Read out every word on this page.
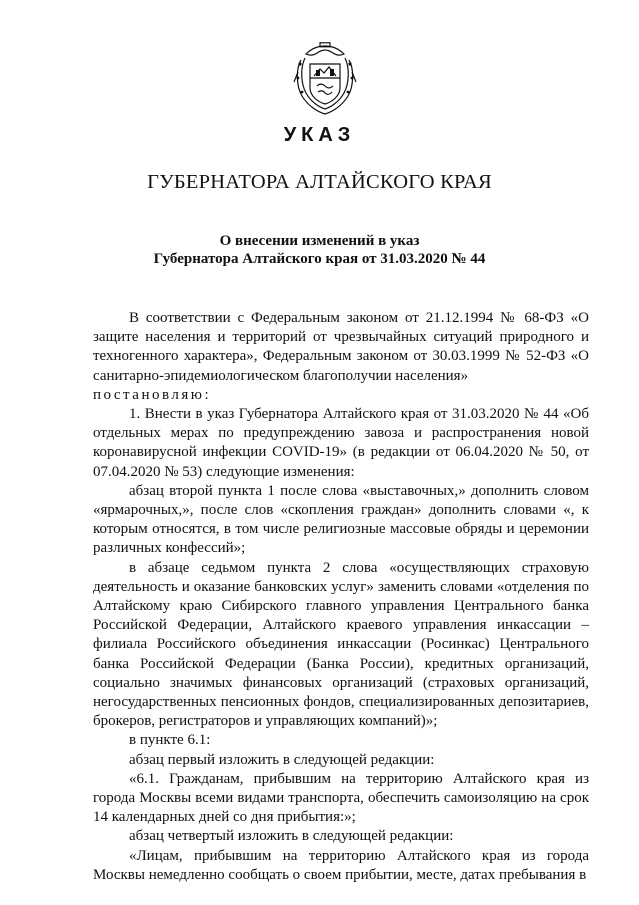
УКАЗ
ГУБЕРНАТОРА АЛТАЙСКОГО КРАЯ
О внесении изменений в указ
Губернатора Алтайского края от 31.03.2020 № 44

В соответствии с Федеральным законом от 21.12.1994 № 68-ФЗ «О защите населения и территорий от чрезвычайных ситуаций природного и техногенного характера», Федеральным законом от 30.03.1999 № 52-ФЗ «О санитарно-эпидемиологическом благополучии населения»

постановляю:

1. Внести в указ Губернатора Алтайского края от 31.03.2020 № 44 «Об отдельных мерах по предупреждению завоза и распространения новой коронавирусной инфекции COVID-19» (в редакции от 06.04.2020 № 50, от 07.04.2020 № 53) следующие изменения:

абзац второй пункта 1 после слова «выставочных,» дополнить словом «ярмарочных,», после слов «скопления граждан» дополнить словами «, к которым относятся, в том числе религиозные массовые обряды и церемонии различных конфессий»;

в абзаце седьмом пункта 2 слова «осуществляющих страховую деятельность и оказание банковских услуг» заменить словами «отделения по Алтайскому краю Сибирского главного управления Центрального банка Российской Федерации, Алтайского краевого управления инкассации – филиала Российского объединения инкассации (Росинкас) Центрального банка Российской Федерации (Банка России), кредитных организаций, социально значимых финансовых организаций (страховых организаций, негосударственных пенсионных фондов, специализированных депозитариев, брокеров, регистраторов и управляющих компаний)»;

в пункте 6.1:

абзац первый изложить в следующей редакции:

«6.1. Гражданам, прибывшим на территорию Алтайского края из города Москвы всеми видами транспорта, обеспечить самоизоляцию на срок 14 календарных дней со дня прибытия:»;

абзац четвертый изложить в следующей редакции:

«Лицам, прибывшим на территорию Алтайского края из города Москвы немедленно сообщать о своем прибытии, месте, датах пребывания в
